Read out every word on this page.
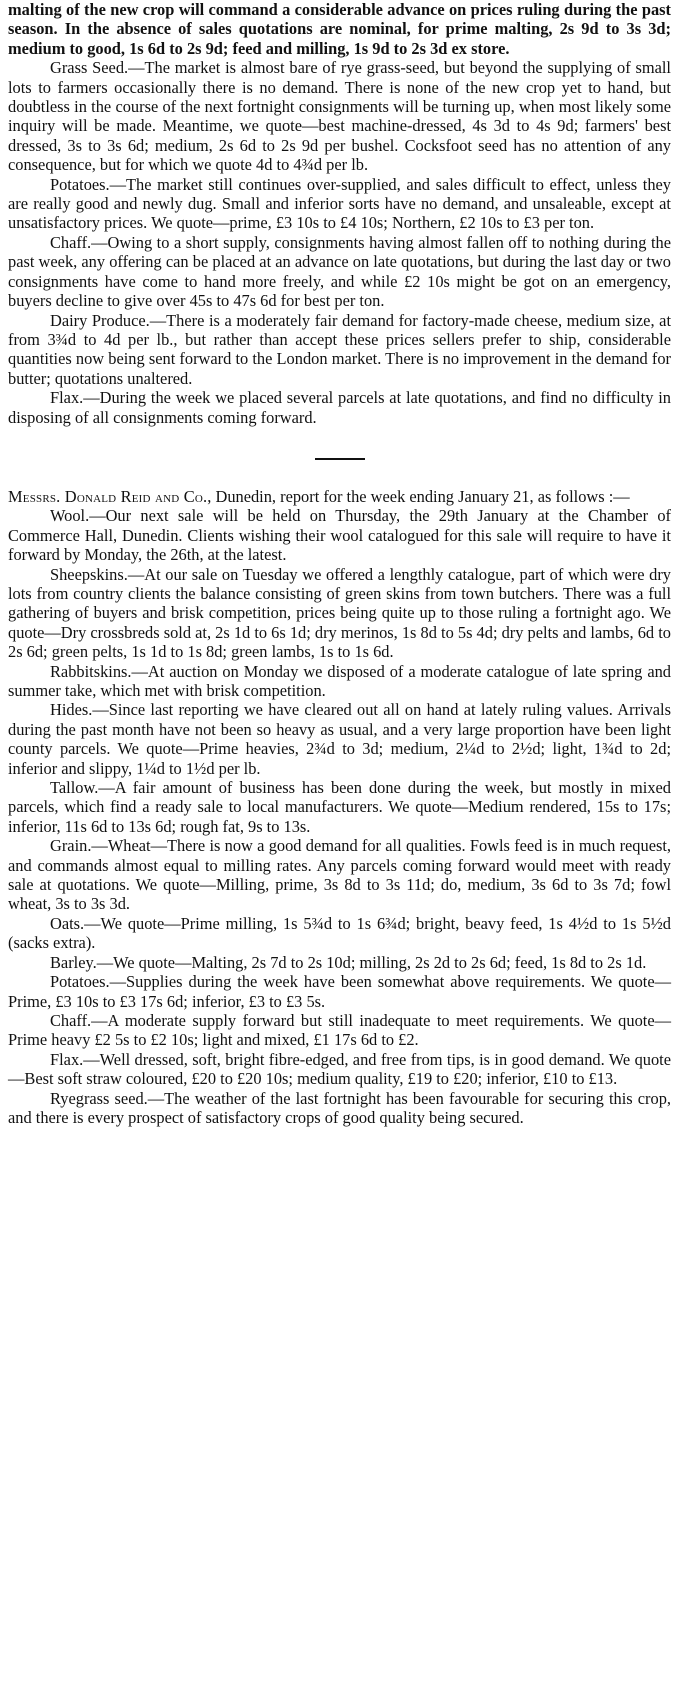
malting of the new crop will command a considerable advance on prices ruling during the past season. In the absence of sales quotations are nominal, for prime malting, 2s 9d to 3s 3d; medium to good, 1s 6d to 2s 9d; feed and milling, 1s 9d to 2s 3d ex store.

Grass Seed.—The market is almost bare of rye grass-seed, but beyond the supplying of small lots to farmers occasionally there is no demand. There is none of the new crop yet to hand, but doubtless in the course of the next fortnight consignments will be turning up, when most likely some inquiry will be made. Meantime, we quote—best machine-dressed, 4s 3d to 4s 9d; farmers' best dressed, 3s to 3s 6d; medium, 2s 6d to 2s 9d per bushel. Cocksfoot seed has no attention of any consequence, but for which we quote 4d to 4¾d per lb.

Potatoes.—The market still continues over-supplied, and sales difficult to effect, unless they are really good and newly dug. Small and inferior sorts have no demand, and unsaleable, except at unsatisfactory prices. We quote—prime, £3 10s to £4 10s; Northern, £2 10s to £3 per ton.

Chaff.—Owing to a short supply, consignments having almost fallen off to nothing during the past week, any offering can be placed at an advance on late quotations, but during the last day or two consignments have come to hand more freely, and while £2 10s might be got on an emergency, buyers decline to give over 45s to 47s 6d for best per ton.

Dairy Produce.—There is a moderately fair demand for factory-made cheese, medium size, at from 3¾d to 4d per lb., but rather than accept these prices sellers prefer to ship, considerable quantities now being sent forward to the London market. There is no improvement in the demand for butter; quotations unaltered.

Flax.—During the week we placed several parcels at late quotations, and find no difficulty in disposing of all consignments coming forward.

Messrs. Donald Reid and Co., Dunedin, report for the week ending January 21, as follows :—

Wool.—Our next sale will be held on Thursday, the 29th January at the Chamber of Commerce Hall, Dunedin. Clients wishing their wool catalogued for this sale will require to have it forward by Monday, the 26th, at the latest.

Sheepskins.—At our sale on Tuesday we offered a lengthly catalogue, part of which were dry lots from country clients the balance consisting of green skins from town butchers. There was a full gathering of buyers and brisk competition, prices being quite up to those ruling a fortnight ago. We quote—Dry crossbreds sold at, 2s 1d to 6s 1d; dry merinos, 1s 8d to 5s 4d; dry pelts and lambs, 6d to 2s 6d; green pelts, 1s 1d to 1s 8d; green lambs, 1s to 1s 6d.

Rabbitskins.—At auction on Monday we disposed of a moderate catalogue of late spring and summer take, which met with brisk competition.

Hides.—Since last reporting we have cleared out all on hand at lately ruling values. Arrivals during the past month have not been so heavy as usual, and a very large proportion have been light county parcels. We quote—Prime heavies, 2¾d to 3d; medium, 2¼d to 2½d; light, 1¾d to 2d; inferior and slippy, 1¼d to 1½d per lb.

Tallow.—A fair amount of business has been done during the week, but mostly in mixed parcels, which find a ready sale to local manufacturers. We quote—Medium rendered, 15s to 17s; inferior, 11s 6d to 13s 6d; rough fat, 9s to 13s.

Grain.—Wheat—There is now a good demand for all qualities. Fowls feed is in much request, and commands almost equal to milling rates. Any parcels coming forward would meet with ready sale at quotations. We quote—Milling, prime, 3s 8d to 3s 11d; do, medium, 3s 6d to 3s 7d; fowl wheat, 3s to 3s 3d.

Oats.—We quote—Prime milling, 1s 5¾d to 1s 6¾d; bright, beavy feed, 1s 4½d to 1s 5½d (sacks extra).

Barley.—We quote—Malting, 2s 7d to 2s 10d; milling, 2s 2d to 2s 6d; feed, 1s 8d to 2s 1d.

Potatoes.—Supplies during the week have been somewhat above requirements. We quote—Prime, £3 10s to £3 17s 6d; inferior, £3 to £3 5s.

Chaff.—A moderate supply forward but still inadequate to meet requirements. We quote—Prime heavy £2 5s to £2 10s; light and mixed, £1 17s 6d to £2.

Flax.—Well dressed, soft, bright fibre-edged, and free from tips, is in good demand. We quote—Best soft straw coloured, £20 to £20 10s; medium quality, £19 to £20; inferior, £10 to £13.

Ryegrass seed.—The weather of the last fortnight has been favourable for securing this crop, and there is every prospect of satisfactory crops of good quality being secured.
